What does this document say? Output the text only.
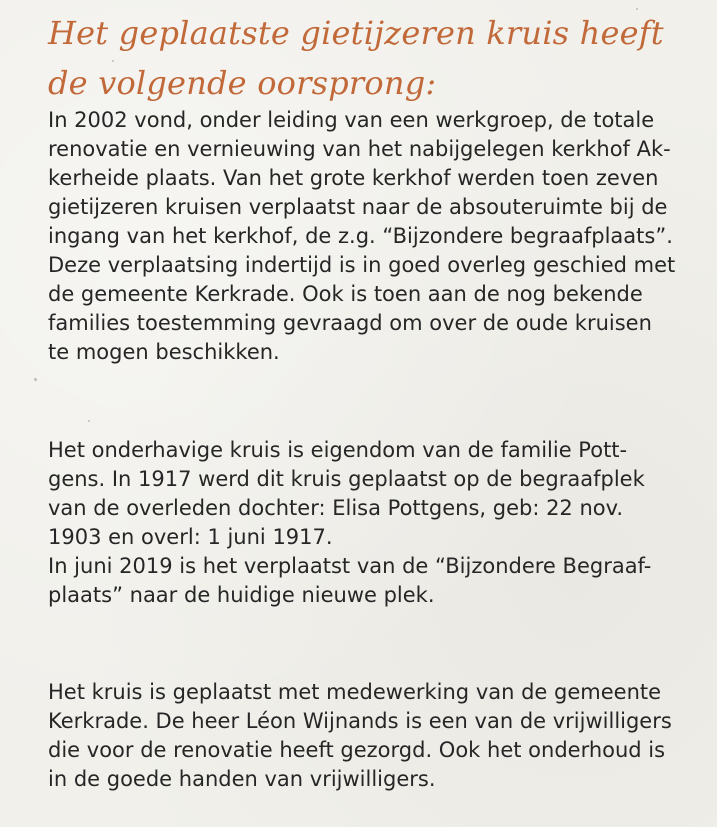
Het geplaatste gietijzeren kruis heeft
de volgende oorsprong:

In 2002 vond, onder leiding van een werkgroep, de totale
renovatie en vernieuwing van het nabijgelegen kerkhof Ak-
kerheide plaats. Van het grote kerkhof werden toen zeven
gietijzeren kruisen verplaatst naar de absouteruimte bij de
ingang van het kerkhof, de z.g. “Bijzondere begraafplaats”.
Deze verplaatsing indertijd is in goed overleg geschied met
de gemeente Kerkrade. Ook is toen aan de nog bekende
families toestemming gevraagd om over de oude kruisen
te mogen beschikken.

Het onderhavige kruis is eigendom van de familie Pott-
gens. In 1917 werd dit kruis geplaatst op de begraafplek
van de overleden dochter: Elisa Pottgens, geb: 22 nov.
1903 en overl: 1 juni 1917.
In juni 2019 is het verplaatst van de “Bijzondere Begraaf-
plaats” naar de huidige nieuwe plek.

Het kruis is geplaatst met medewerking van de gemeente
Kerkrade. De heer Léon Wijnands is een van de vrijwilligers
die voor de renovatie heeft gezorgd. Ook het onderhoud is
in de goede handen van vrijwilligers.
